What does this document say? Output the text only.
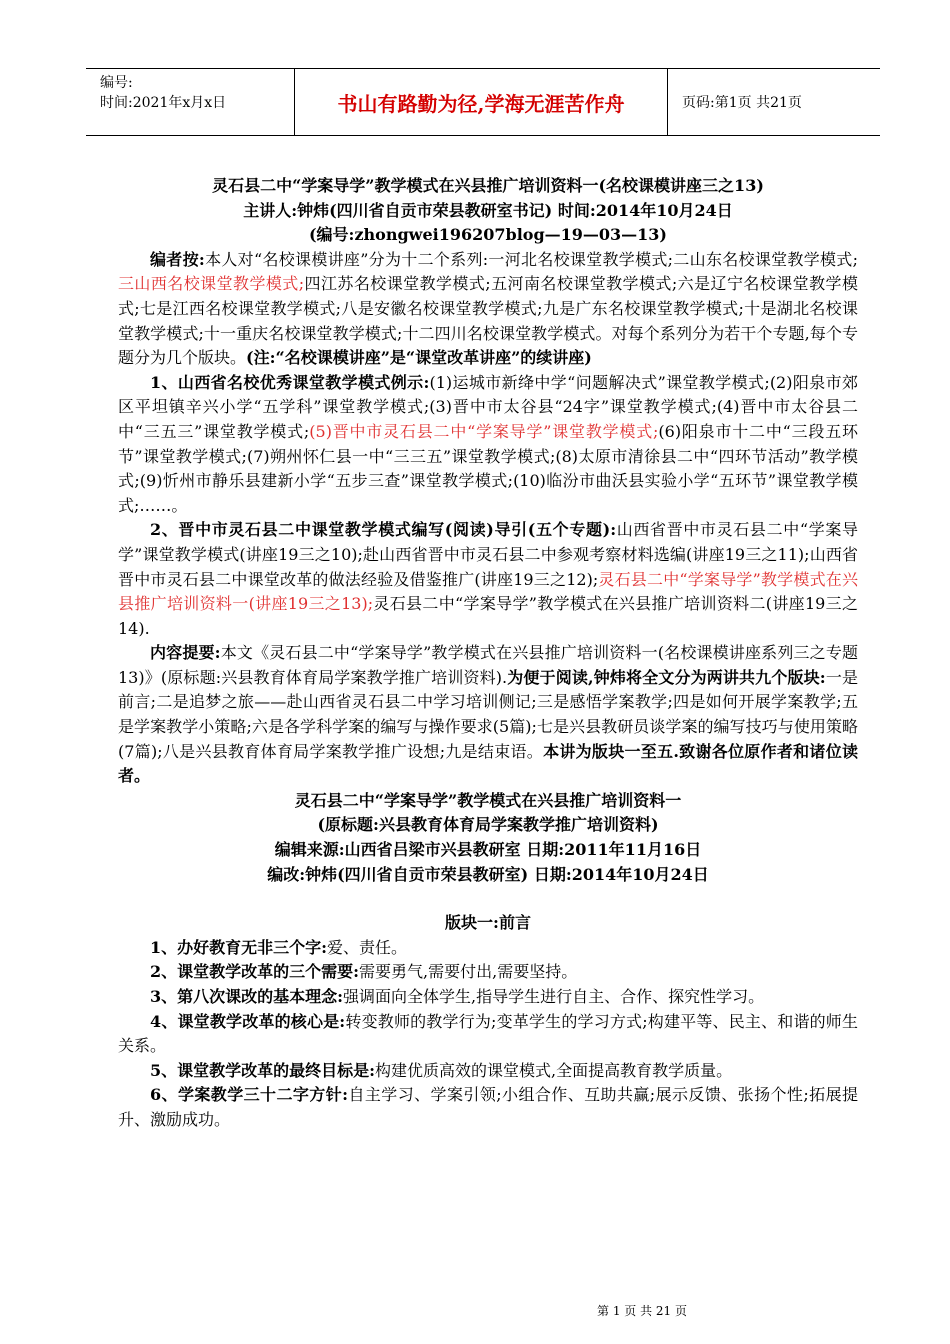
编号:
时间:2021年x月x日	书山有路勤为径,学海无涯苦作舟	页码:第1页 共21页

灵石县二中“学案导学”教学模式在兴县推广培训资料一(名校课模讲座三之13)

主讲人:钟炜(四川省自贡市荣县教研室书记) 时间:2014年10月24日

(编号:zhongwei196207blog—19—03—13)

编者按:本人对“名校课模讲座”分为十二个系列:一河北名校课堂教学模式;二山东名校课堂教学模式;三山西名校课堂教学模式;四江苏名校课堂教学模式;五河南名校课堂教学模式;六是辽宁名校课堂教学模式;七是江西名校课堂教学模式;八是安徽名校课堂教学模式;九是广东名校课堂教学模式;十是湖北名校课堂教学模式;十一重庆名校课堂教学模式;十二四川名校课堂教学模式。对每个系列分为若干个专题,每个专题分为几个版块。(注:“名校课模讲座”是“课堂改革讲座”的续讲座)

1、山西省名校优秀课堂教学模式例示:(1)运城市新绛中学“问题解决式”课堂教学模式;(2)阳泉市郊区平坦镇辛兴小学“五学科”课堂教学模式;(3)晋中市太谷县“24字”课堂教学模式;(4)晋中市太谷县二中“三五三”课堂教学模式;(5)晋中市灵石县二中“学案导学”课堂教学模式;(6)阳泉市十二中“三段五环节”课堂教学模式;(7)朔州怀仁县一中“三三五”课堂教学模式;(8)太原市清徐县二中“四环节活动”教学模式;(9)忻州市静乐县建新小学“五步三查”课堂教学模式;(10)临汾市曲沃县实验小学“五环节”课堂教学模式;……。

2、晋中市灵石县二中课堂教学模式编写(阅读)导引(五个专题):山西省晋中市灵石县二中“学案导学”课堂教学模式(讲座19三之10);赴山西省晋中市灵石县二中参观考察材料选编(讲座19三之11);山西省晋中市灵石县二中课堂改革的做法经验及借鉴推广(讲座19三之12);灵石县二中“学案导学”教学模式在兴县推广培训资料一(讲座19三之13);灵石县二中“学案导学”教学模式在兴县推广培训资料二(讲座19三之14).

内容提要:本文《灵石县二中“学案导学”教学模式在兴县推广培训资料一(名校课模讲座系列三之专题13)》(原标题:兴县教育体育局学案教学推广培训资料).为便于阅读,钟炜将全文分为两讲共九个版块:一是前言;二是追梦之旅——赴山西省灵石县二中学习培训侧记;三是感悟学案教学;四是如何开展学案教学;五是学案教学小策略;六是各学科学案的编写与操作要求(5篇);七是兴县教研员谈学案的编写技巧与使用策略(7篇);八是兴县教育体育局学案教学推广设想;九是结束语。本讲为版块一至五.致谢各位原作者和诸位读者。

灵石县二中“学案导学”教学模式在兴县推广培训资料一

(原标题:兴县教育体育局学案教学推广培训资料)

编辑来源:山西省吕梁市兴县教研室 日期:2011年11月16日

编改:钟炜(四川省自贡市荣县教研室) 日期:2014年10月24日

版块一:前言

1、办好教育无非三个字:爱、责任。

2、课堂教学改革的三个需要:需要勇气,需要付出,需要坚持。

3、第八次课改的基本理念:强调面向全体学生,指导学生进行自主、合作、探究性学习。

4、课堂教学改革的核心是:转变教师的教学行为;变革学生的学习方式;构建平等、民主、和谐的师生关系。

5、课堂教学改革的最终目标是:构建优质高效的课堂模式,全面提高教育教学质量。

6、学案教学三十二字方针:自主学习、学案引领;小组合作、互助共赢;展示反馈、张扬个性;拓展提升、激励成功。

第 1 页 共 21 页
